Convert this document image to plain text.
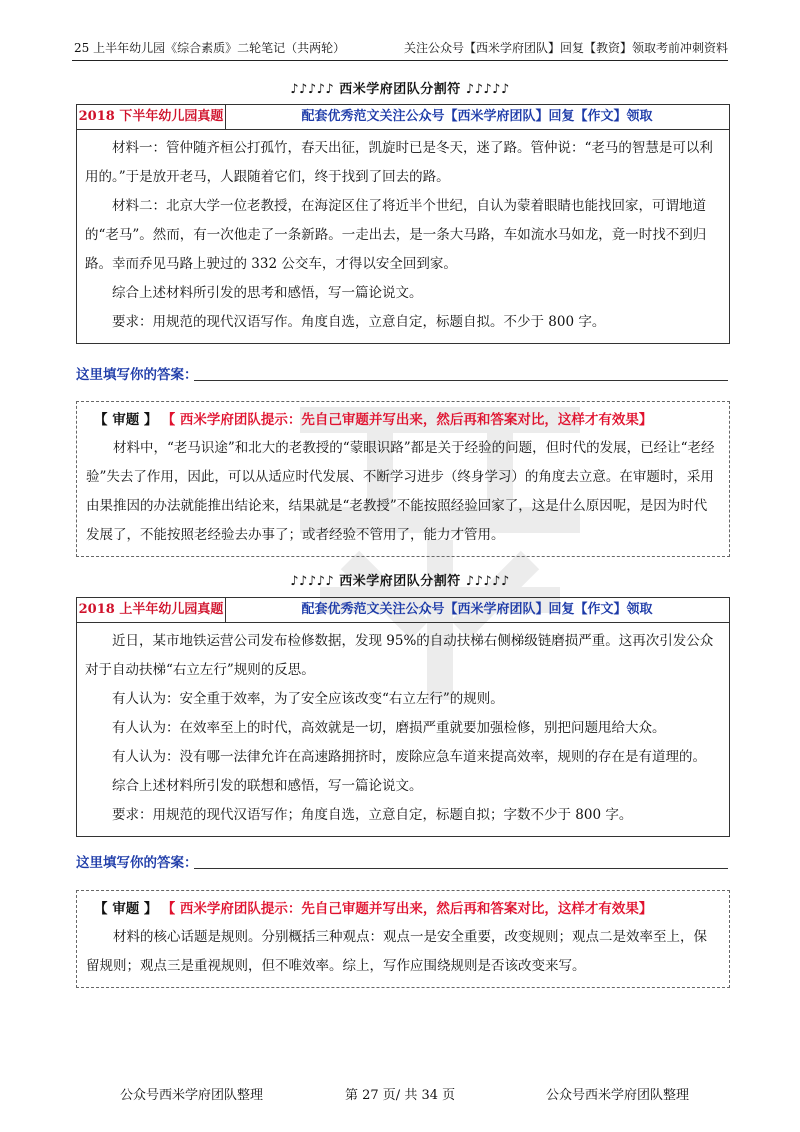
25 上半年幼儿园《综合素质》二轮笔记（共两轮）	关注公众号【西米学府团队】回复【教资】领取考前冲刺资料
♪♪♪♪♪ 西米学府团队分割符 ♪♪♪♪♪
2018 下半年幼儿园真题	配套优秀范文关注公众号【西米学府团队】回复【作文】领取

材料一：管仲随齐桓公打孤竹，春天出征，凯旋时已是冬天，迷了路。管仲说：“老马的智慧是可以利用的。”于是放开老马，人跟随着它们，终于找到了回去的路。

材料二：北京大学一位老教授，在海淀区住了将近半个世纪，自认为蒙着眼睛也能找回家，可谓地道的“老马”。然而，有一次他走了一条新路。一走出去，是一条大马路，车如流水马如龙，竟一时找不到归路。幸而乔见马路上驶过的 332 公交车，才得以安全回到家。

综合上述材料所引发的思考和感悟，写一篇论说文。

要求：用规范的现代汉语写作。角度自选，立意自定，标题自拟。不少于 800 字。

这里填写你的答案：
【 审题 】 【 西米学府团队提示：先自己审题并写出来，然后再和答案对比，这样才有效果】

材料中，“老马识途”和北大的老教授的“蒙眼识路”都是关于经验的问题，但时代的发展，已经让“老经验”失去了作用，因此，可以从适应时代发展、不断学习进步（终身学习）的角度去立意。在审题时，采用由果推因的办法就能推出结论来，结果就是“老教授”不能按照经验回家了，这是什么原因呢，是因为时代发展了，不能按照老经验去办事了；或者经验不管用了，能力才管用。

♪♪♪♪♪ 西米学府团队分割符 ♪♪♪♪♪
2018 上半年幼儿园真题	配套优秀范文关注公众号【西米学府团队】回复【作文】领取

近日，某市地铁运营公司发布检修数据，发现 95%的自动扶梯右侧梯级链磨损严重。这再次引发公众对于自动扶梯“右立左行”规则的反思。

有人认为：安全重于效率，为了安全应该改变“右立左行”的规则。

有人认为：在效率至上的时代，高效就是一切，磨损严重就要加强检修，别把问题甩给大众。

有人认为：没有哪一法律允许在高速路拥挤时，废除应急车道来提高效率，规则的存在是有道理的。

综合上述材料所引发的联想和感悟，写一篇论说文。

要求：用规范的现代汉语写作；角度自选，立意自定，标题自拟；字数不少于 800 字。

这里填写你的答案：
【 审题 】 【 西米学府团队提示：先自己审题并写出来，然后再和答案对比，这样才有效果】

材料的核心话题是规则。分别概括三种观点：观点一是安全重要，改变规则；观点二是效率至上，保留规则；观点三是重视规则，但不唯效率。综上，写作应围绕规则是否该改变来写。

公众号西米学府团队整理	第 27 页/ 共 34 页	公众号西米学府团队整理
